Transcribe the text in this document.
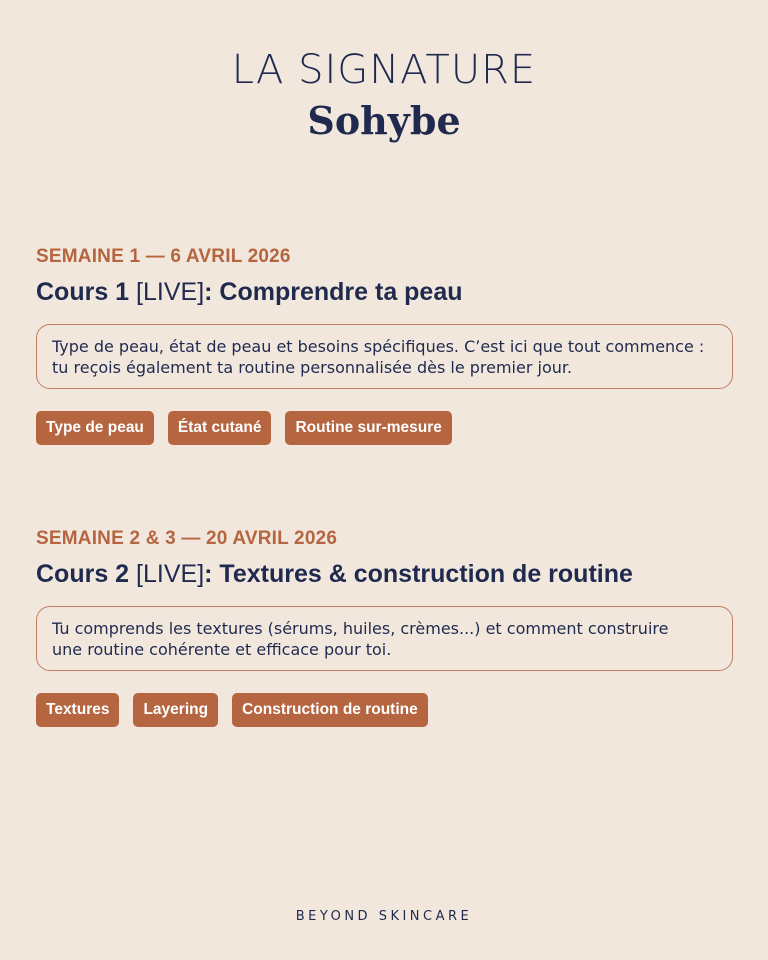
LA SIGNATURE
Sohybe
SEMAINE 1 — 6 AVRIL 2026
Cours 1 [LIVE]: Comprendre ta peau
Type de peau, état de peau et besoins spécifiques. C’est ici que tout commence :
tu reçois également ta routine personnalisée dès le premier jour.
Type de peau	État cutané	Routine sur-mesure
SEMAINE 2 & 3 — 20 AVRIL 2026
Cours 2 [LIVE]: Textures & construction de routine
Tu comprends les textures (sérums, huiles, crèmes...) et comment construire
une routine cohérente et efficace pour toi.
Textures	Layering	Construction de routine
BEYOND SKINCARE
